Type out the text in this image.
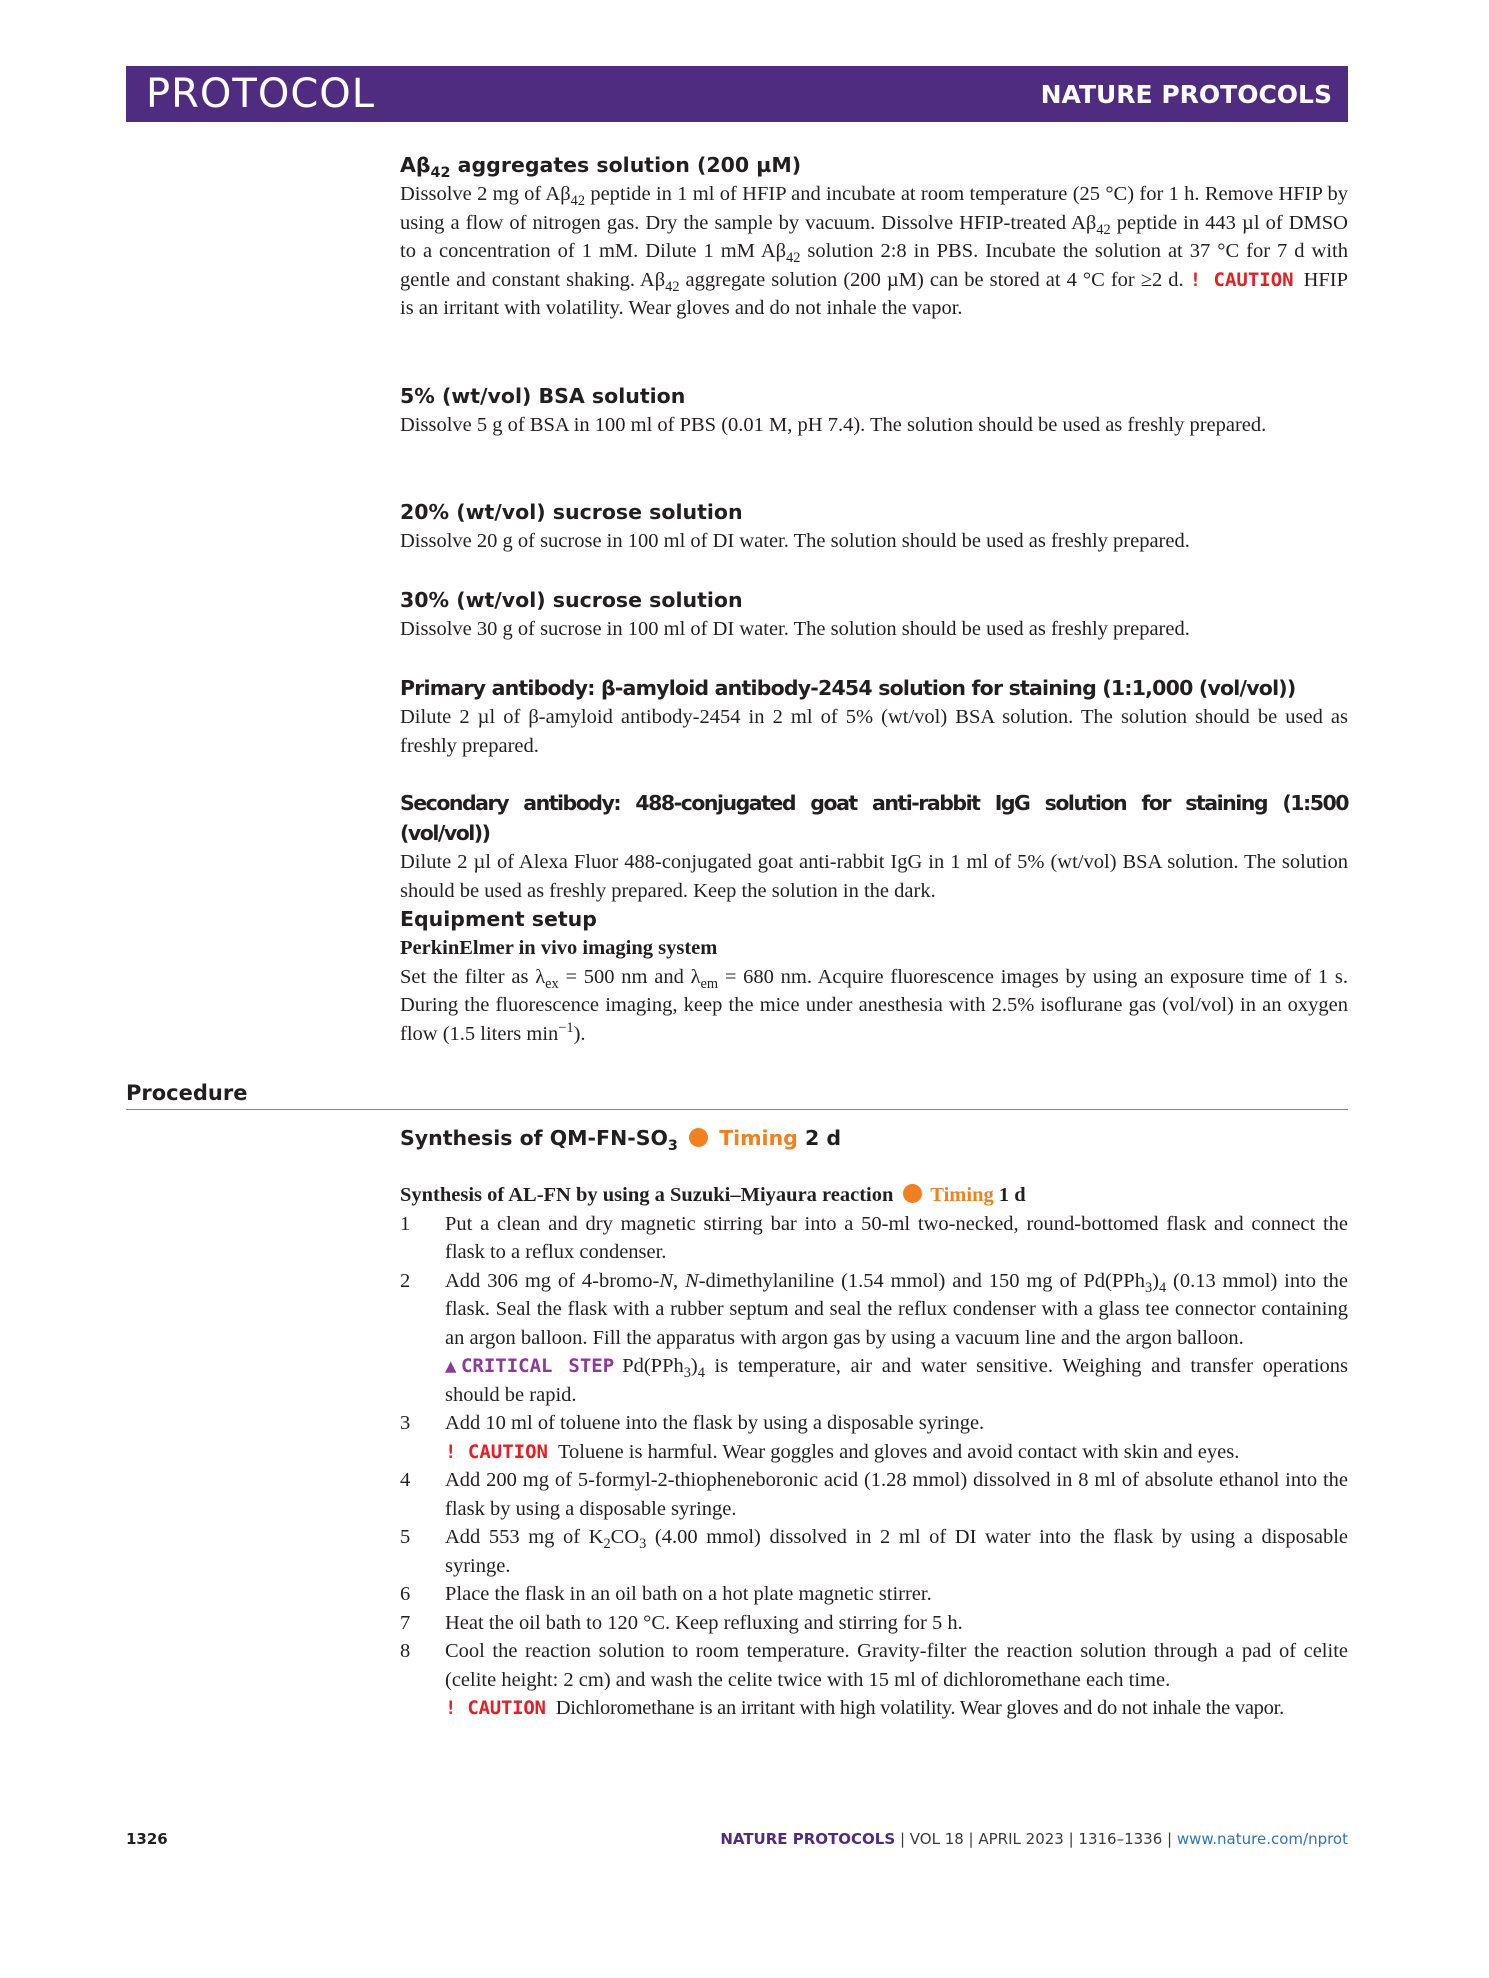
PROTOCOL	NATURE PROTOCOLS

$A\beta_{42}$ aggregates solution (200 µM)

Dissolve 2 mg of $A\beta_{42}$ peptide in 1 ml of HFIP and incubate at room temperature (25 °C) for 1 h. Remove HFIP by using a flow of nitrogen gas. Dry the sample by vacuum. Dissolve HFIP-treated $A\beta_{42}$ peptide in 443 µl of DMSO to a concentration of 1 mM. Dilute 1 mM $A\beta_{42}$ solution 2:8 in PBS. Incubate the solution at 37 °C for 7 d with gentle and constant shaking. $A\beta_{42}$ aggregate solution (200 µM) can be stored at 4 °C for ≥2 d. ! CAUTION HFIP is an irritant with volatility. Wear gloves and do not inhale the vapor.

5% (wt/vol) BSA solution

Dissolve 5 g of BSA in 100 ml of PBS (0.01 M, pH 7.4). The solution should be used as freshly prepared.

20% (wt/vol) sucrose solution

Dissolve 20 g of sucrose in 100 ml of DI water. The solution should be used as freshly prepared.

30% (wt/vol) sucrose solution

Dissolve 30 g of sucrose in 100 ml of DI water. The solution should be used as freshly prepared.

Primary antibody: β-amyloid antibody-2454 solution for staining (1:1,000 (vol/vol))

Dilute 2 µl of β-amyloid antibody-2454 in 2 ml of 5% (wt/vol) BSA solution. The solution should be used as freshly prepared.

Secondary antibody: 488-conjugated goat anti-rabbit IgG solution for staining (1:500 (vol/vol))

Dilute 2 µl of Alexa Fluor 488-conjugated goat anti-rabbit IgG in 1 ml of 5% (wt/vol) BSA solution. The solution should be used as freshly prepared. Keep the solution in the dark.

Equipment setup

PerkinElmer in vivo imaging system

Set the filter as $\lambda_{ex} = 500$ nm and $\lambda_{em} = 680$ nm. Acquire fluorescence images by using an exposure time of 1 s. During the fluorescence imaging, keep the mice under anesthesia with 2.5% isoflurane gas (vol/vol) in an oxygen flow (1.5 liters $\min^{-1}$).

Procedure

Synthesis of $QM-FN-SO_3$ Timing 2 d

Synthesis of AL-FN by using a Suzuki–Miyaura reaction Timing 1 d

1 Put a clean and dry magnetic stirring bar into a 50-ml two-necked, round-bottomed flask and connect the flask to a reflux condenser.

2 Add 306 mg of 4-bromo-N, N-dimethylaniline (1.54 mmol) and 150 mg of $Pd(PPh_3)_4$ (0.13 mmol) into the flask. Seal the flask with a rubber septum and seal the reflux condenser with a glass tee connector containing an argon balloon. Fill the apparatus with argon gas by using a vacuum line and the argon balloon.

▲CRITICAL STEP $Pd(PPh_3)_4$ is temperature, air and water sensitive. Weighing and transfer operations should be rapid.

3 Add 10 ml of toluene into the flask by using a disposable syringe.

! CAUTION Toluene is harmful. Wear goggles and gloves and avoid contact with skin and eyes.

4 Add 200 mg of 5-formyl-2-thiopheneboronic acid (1.28 mmol) dissolved in 8 ml of absolute ethanol into the flask by using a disposable syringe.

5 Add 553 mg of $K_2CO_3$ (4.00 mmol) dissolved in 2 ml of DI water into the flask by using a disposable syringe.

6 Place the flask in an oil bath on a hot plate magnetic stirrer.

7 Heat the oil bath to 120 °C. Keep refluxing and stirring for 5 h.

8 Cool the reaction solution to room temperature. Gravity-filter the reaction solution through a pad of celite (celite height: 2 cm) and wash the celite twice with 15 ml of dichloromethane each time.

! CAUTION Dichloromethane is an irritant with high volatility. Wear gloves and do not inhale the vapor.

1326	NATURE PROTOCOLS | VOL 18 | APRIL 2023 | 1316–1336 | www.nature.com/nprot
